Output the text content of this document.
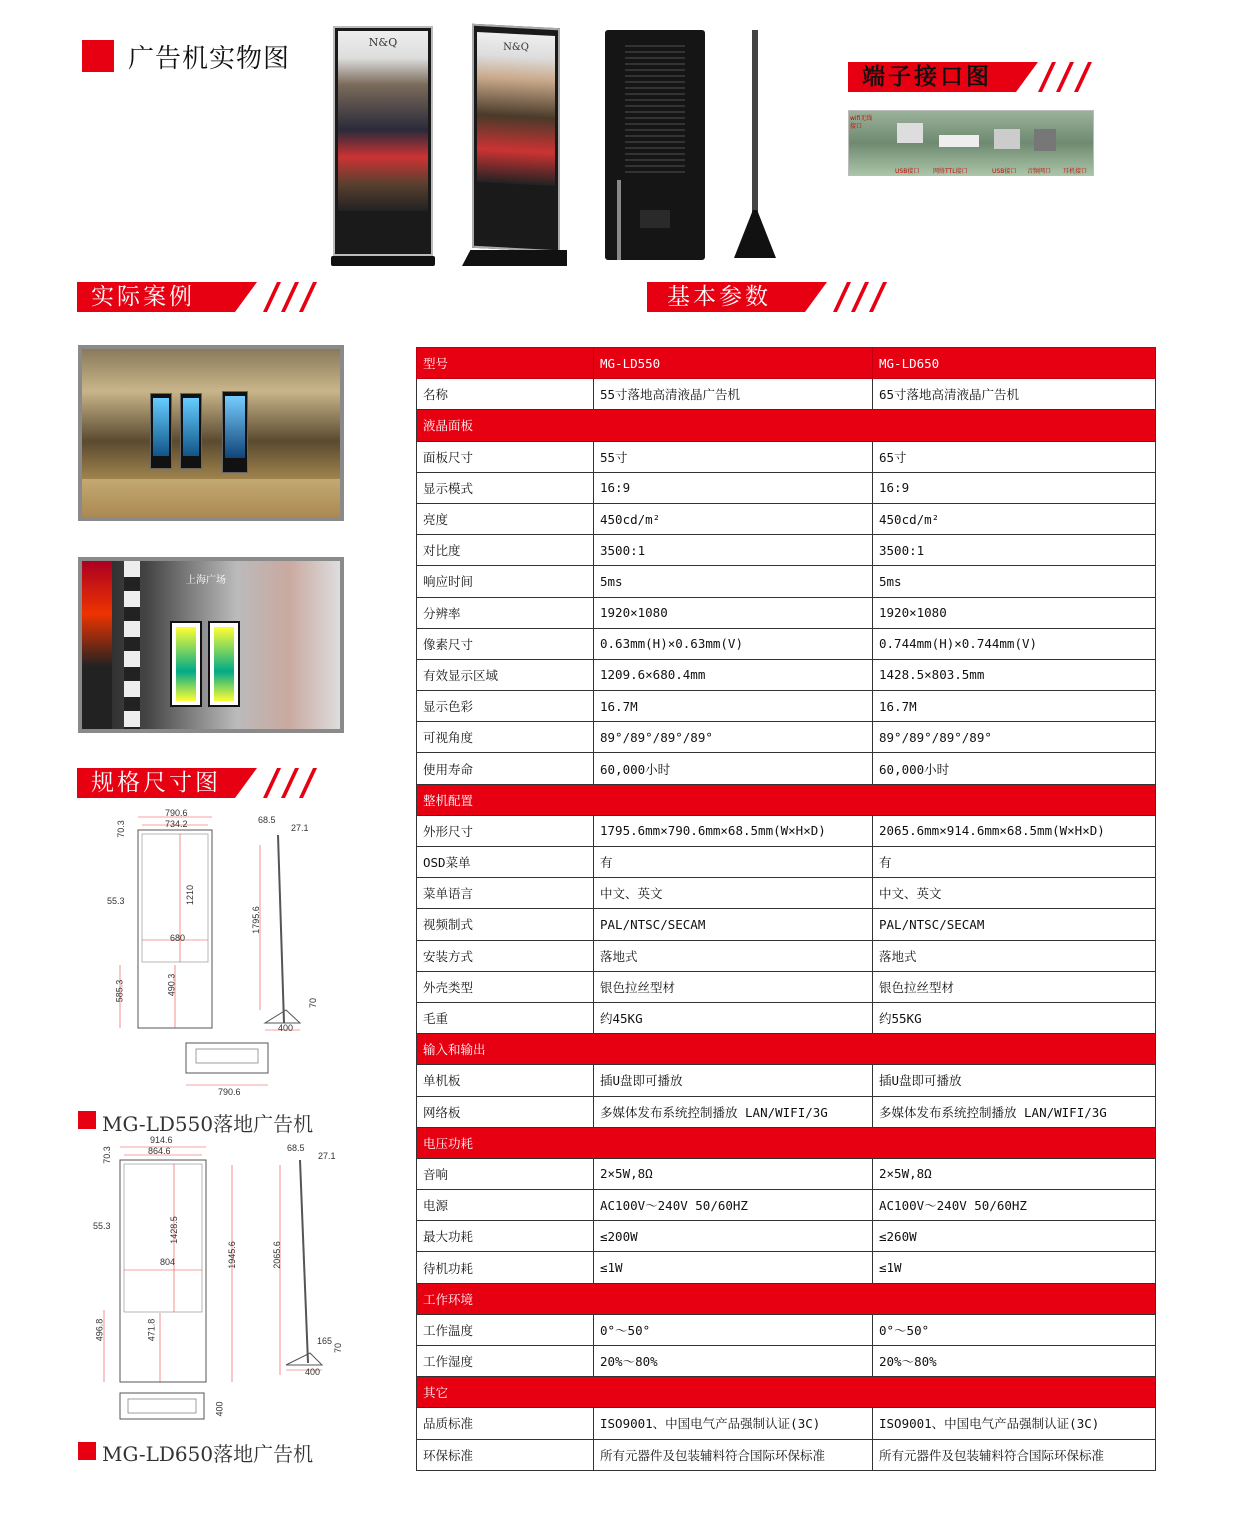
广告机实物图
N&Q	N&Q
端子接口图
wifi无线接口
USB接口 网络TTL接口	USB接口 音频网口 耳机接口
实际案例	基本参数
规格尺寸图
上海广场
790.6
734.2
70.3
55.3	1210
680
585.3	490.3
1795.6
68.5
27.1
400
70
790.6
MG-LD550落地广告机
914.6
864.6
70.3
55.3	1428.5
804
496.8	471.8
1945.6	2065.6
68.5
27.1
400
165
70
400
MG-LD650落地广告机
型号	MG-LD550	MG-LD650
名称	55寸落地高清液晶广告机	65寸落地高清液晶广告机
液晶面板		
面板尺寸	55寸	65寸
显示模式	16:9	16:9
亮度	450cd/m²	450cd/m²
对比度	3500:1	3500:1
响应时间	5ms	5ms
分辨率	1920×1080	1920×1080
像素尺寸	0.63mm(H)×0.63mm(V)	0.744mm(H)×0.744mm(V)
有效显示区域	1209.6×680.4mm	1428.5×803.5mm
显示色彩	16.7M	16.7M
可视角度	89°/89°/89°/89°	89°/89°/89°/89°
使用寿命	60,000小时	60,000小时
整机配置		
外形尺寸	1795.6mm×790.6mm×68.5mm(W×H×D)	2065.6mm×914.6mm×68.5mm(W×H×D)
OSD菜单	有	有
菜单语言	中文、英文	中文、英文
视频制式	PAL/NTSC/SECAM	PAL/NTSC/SECAM
安装方式	落地式	落地式
外壳类型	银色拉丝型材	银色拉丝型材
毛重	约45KG	约55KG
输入和输出		
单机板	插U盘即可播放	插U盘即可播放
网络板	多媒体发布系统控制播放 LAN/WIFI/3G	多媒体发布系统控制播放 LAN/WIFI/3G
电压功耗		
音响	2×5W,8Ω	2×5W,8Ω
电源	AC100V～240V 50/60HZ	AC100V～240V 50/60HZ
最大功耗	≤200W	≤260W
待机功耗	≤1W	≤1W
工作环境		
工作温度	0°～50°	0°～50°
工作湿度	20%～80%	20%～80%
其它		
品质标准	ISO9001、中国电气产品强制认证(3C)	ISO9001、中国电气产品强制认证(3C)
环保标准	所有元器件及包装辅料符合国际环保标准	所有元器件及包装辅料符合国际环保标准
